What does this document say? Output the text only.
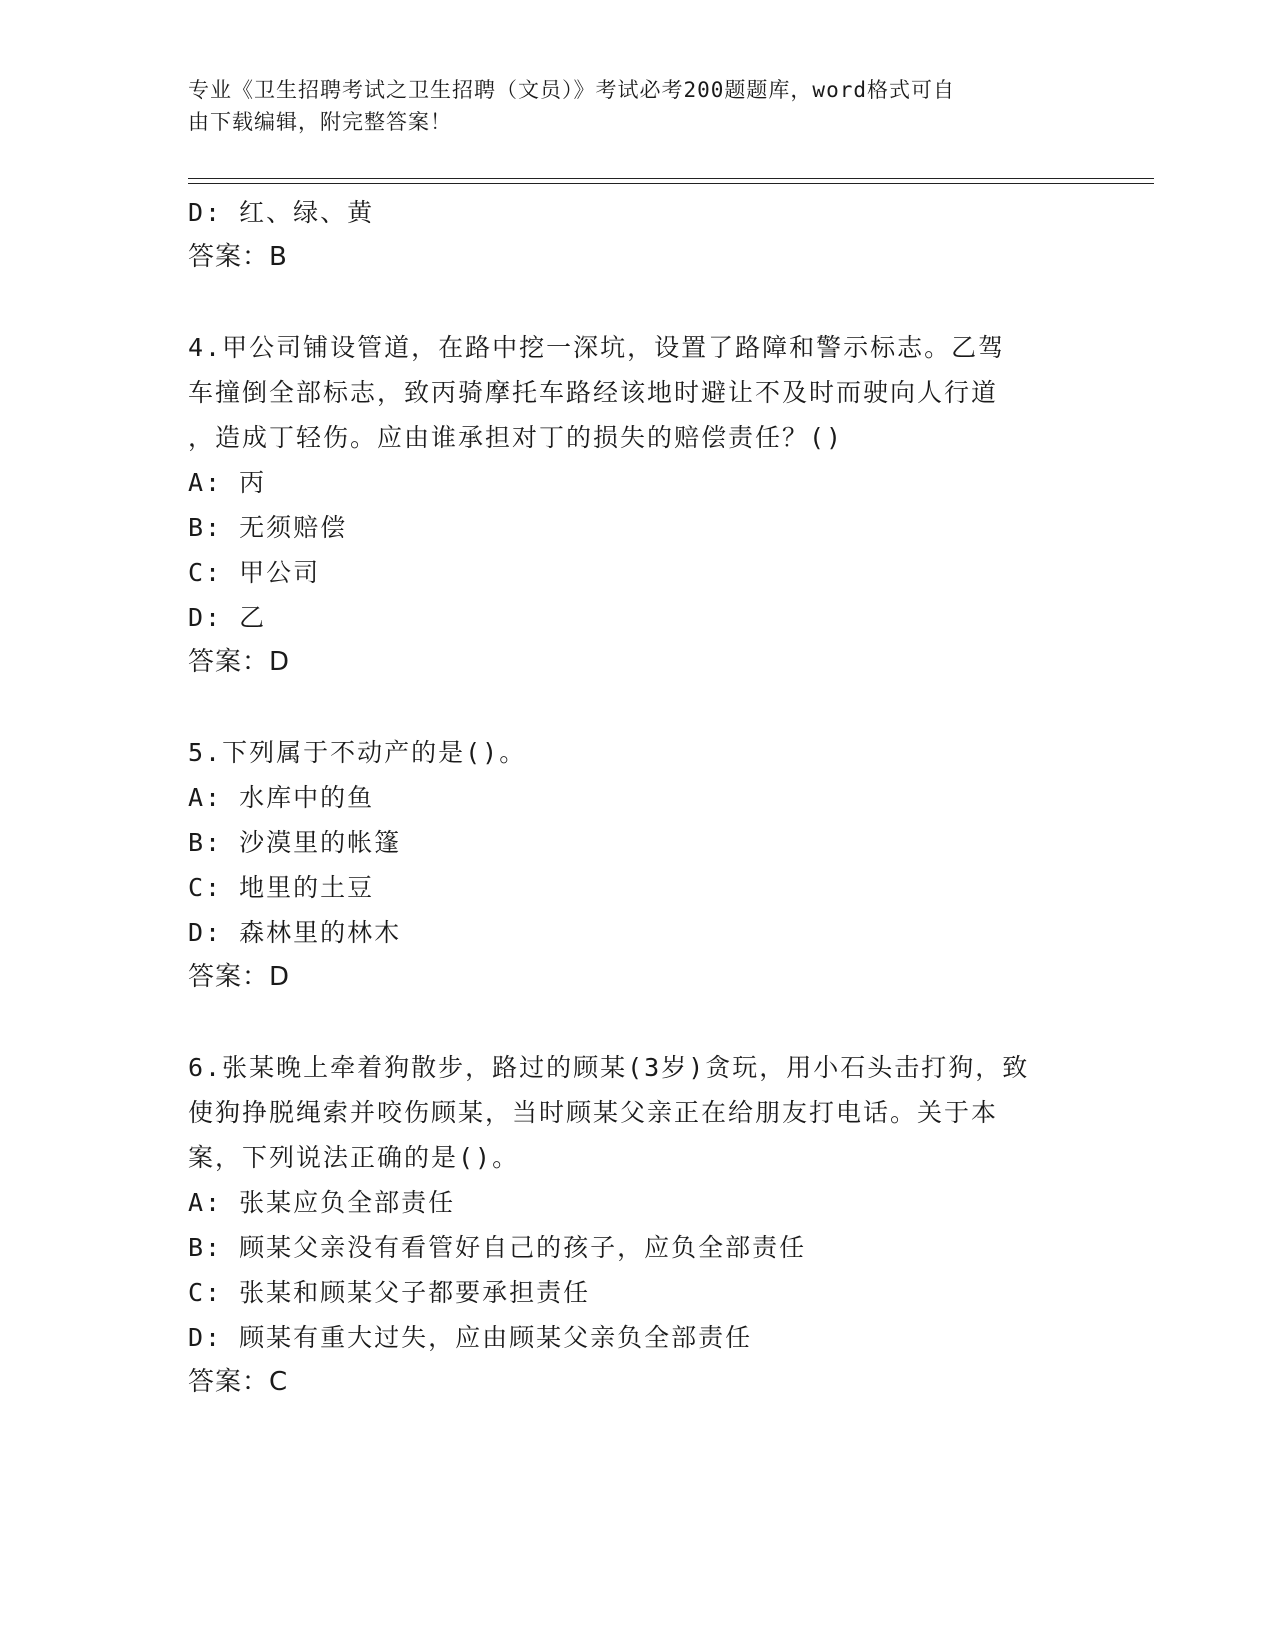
专业《卫生招聘考试之卫生招聘（文员）》考试必考200题题库，word格式可自
由下载编辑，附完整答案！
D: 红、绿、黄
答案：B
4.甲公司铺设管道，在路中挖一深坑，设置了路障和警示标志。乙驾
车撞倒全部标志，致丙骑摩托车路经该地时避让不及时而驶向人行道
，造成丁轻伤。应由谁承担对丁的损失的赔偿责任？()
A: 丙
B: 无须赔偿
C: 甲公司
D: 乙
答案：D
5.下列属于不动产的是()。
A: 水库中的鱼
B: 沙漠里的帐篷
C: 地里的土豆
D: 森林里的林木
答案：D
6.张某晚上牵着狗散步，路过的顾某(3岁)贪玩，用小石头击打狗，致
使狗挣脱绳索并咬伤顾某，当时顾某父亲正在给朋友打电话。关于本
案，下列说法正确的是()。
A: 张某应负全部责任
B: 顾某父亲没有看管好自己的孩子，应负全部责任
C: 张某和顾某父子都要承担责任
D: 顾某有重大过失，应由顾某父亲负全部责任
答案：C
